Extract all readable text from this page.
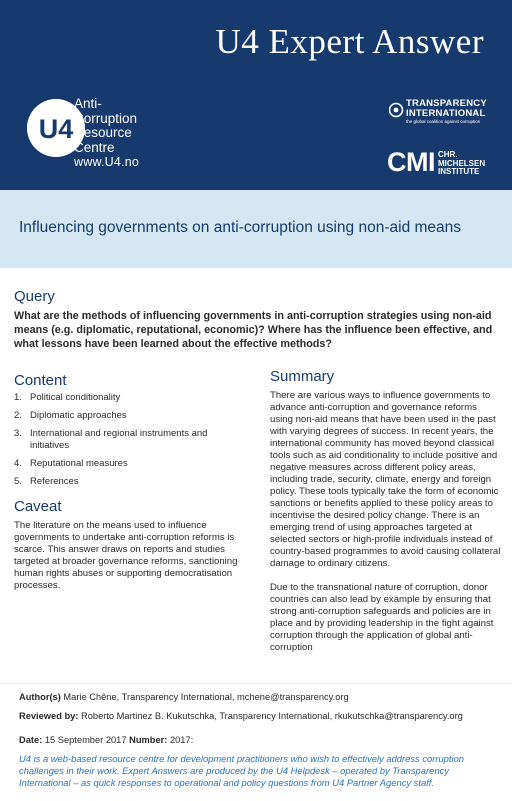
U4 Expert Answer
U4
Anti-
Corruption
Resource
Centre
www.U4.no
TRANSPARENCY
INTERNATIONAL
the global coalition against corruption
CMI CHR.
MICHELSEN
INSTITUTE
Influencing governments on anti-corruption using non-aid means
Query
What are the methods of influencing governments in anti-corruption strategies using non-aid means (e.g. diplomatic, reputational, economic)? Where has the influence been effective, and what lessons have been learned about the effective methods?
Content
1. Political conditionality
2. Diplomatic approaches
3. International and regional instruments and initiatives
4. Reputational measures
5. References
Caveat
The literature on the means used to influence governments to undertake anti-corruption reforms is scarce. This answer draws on reports and studies targeted at broader governance reforms, sanctioning human rights abuses or supporting democratisation processes.
Summary

There are various ways to influence governments to advance anti-corruption and governance reforms using non-aid means that have been used in the past with varying degrees of success. In recent years, the international community has moved beyond classical tools such as aid conditionality to include positive and negative measures across different policy areas, including trade, security, climate, energy and foreign policy. These tools typically take the form of economic sanctions or benefits applied to these policy areas to incentivise the desired policy change. There is an emerging trend of using approaches targeted at selected sectors or high-profile individuals instead of country-based programmes to avoid causing collateral damage to ordinary citizens.

Due to the transnational nature of corruption, donor countries can also lead by example by ensuring that strong anti-corruption safeguards and policies are in place and by providing leadership in the fight against corruption through the application of global anti-corruption

Author(s) Marie Chêne, Transparency International, mchene@transparency.org
Reviewed by: Roberto Martinez B. Kukutschka, Transparency International, rkukutschka@transparency.org
Date: 15 September 2017 Number: 2017:
U4 is a web-based resource centre for development practitioners who wish to effectively address corruption challenges in their work. Expert Answers are produced by the U4 Helpdesk – operated by Transparency International – as quick responses to operational and policy questions from U4 Partner Agency staff.
